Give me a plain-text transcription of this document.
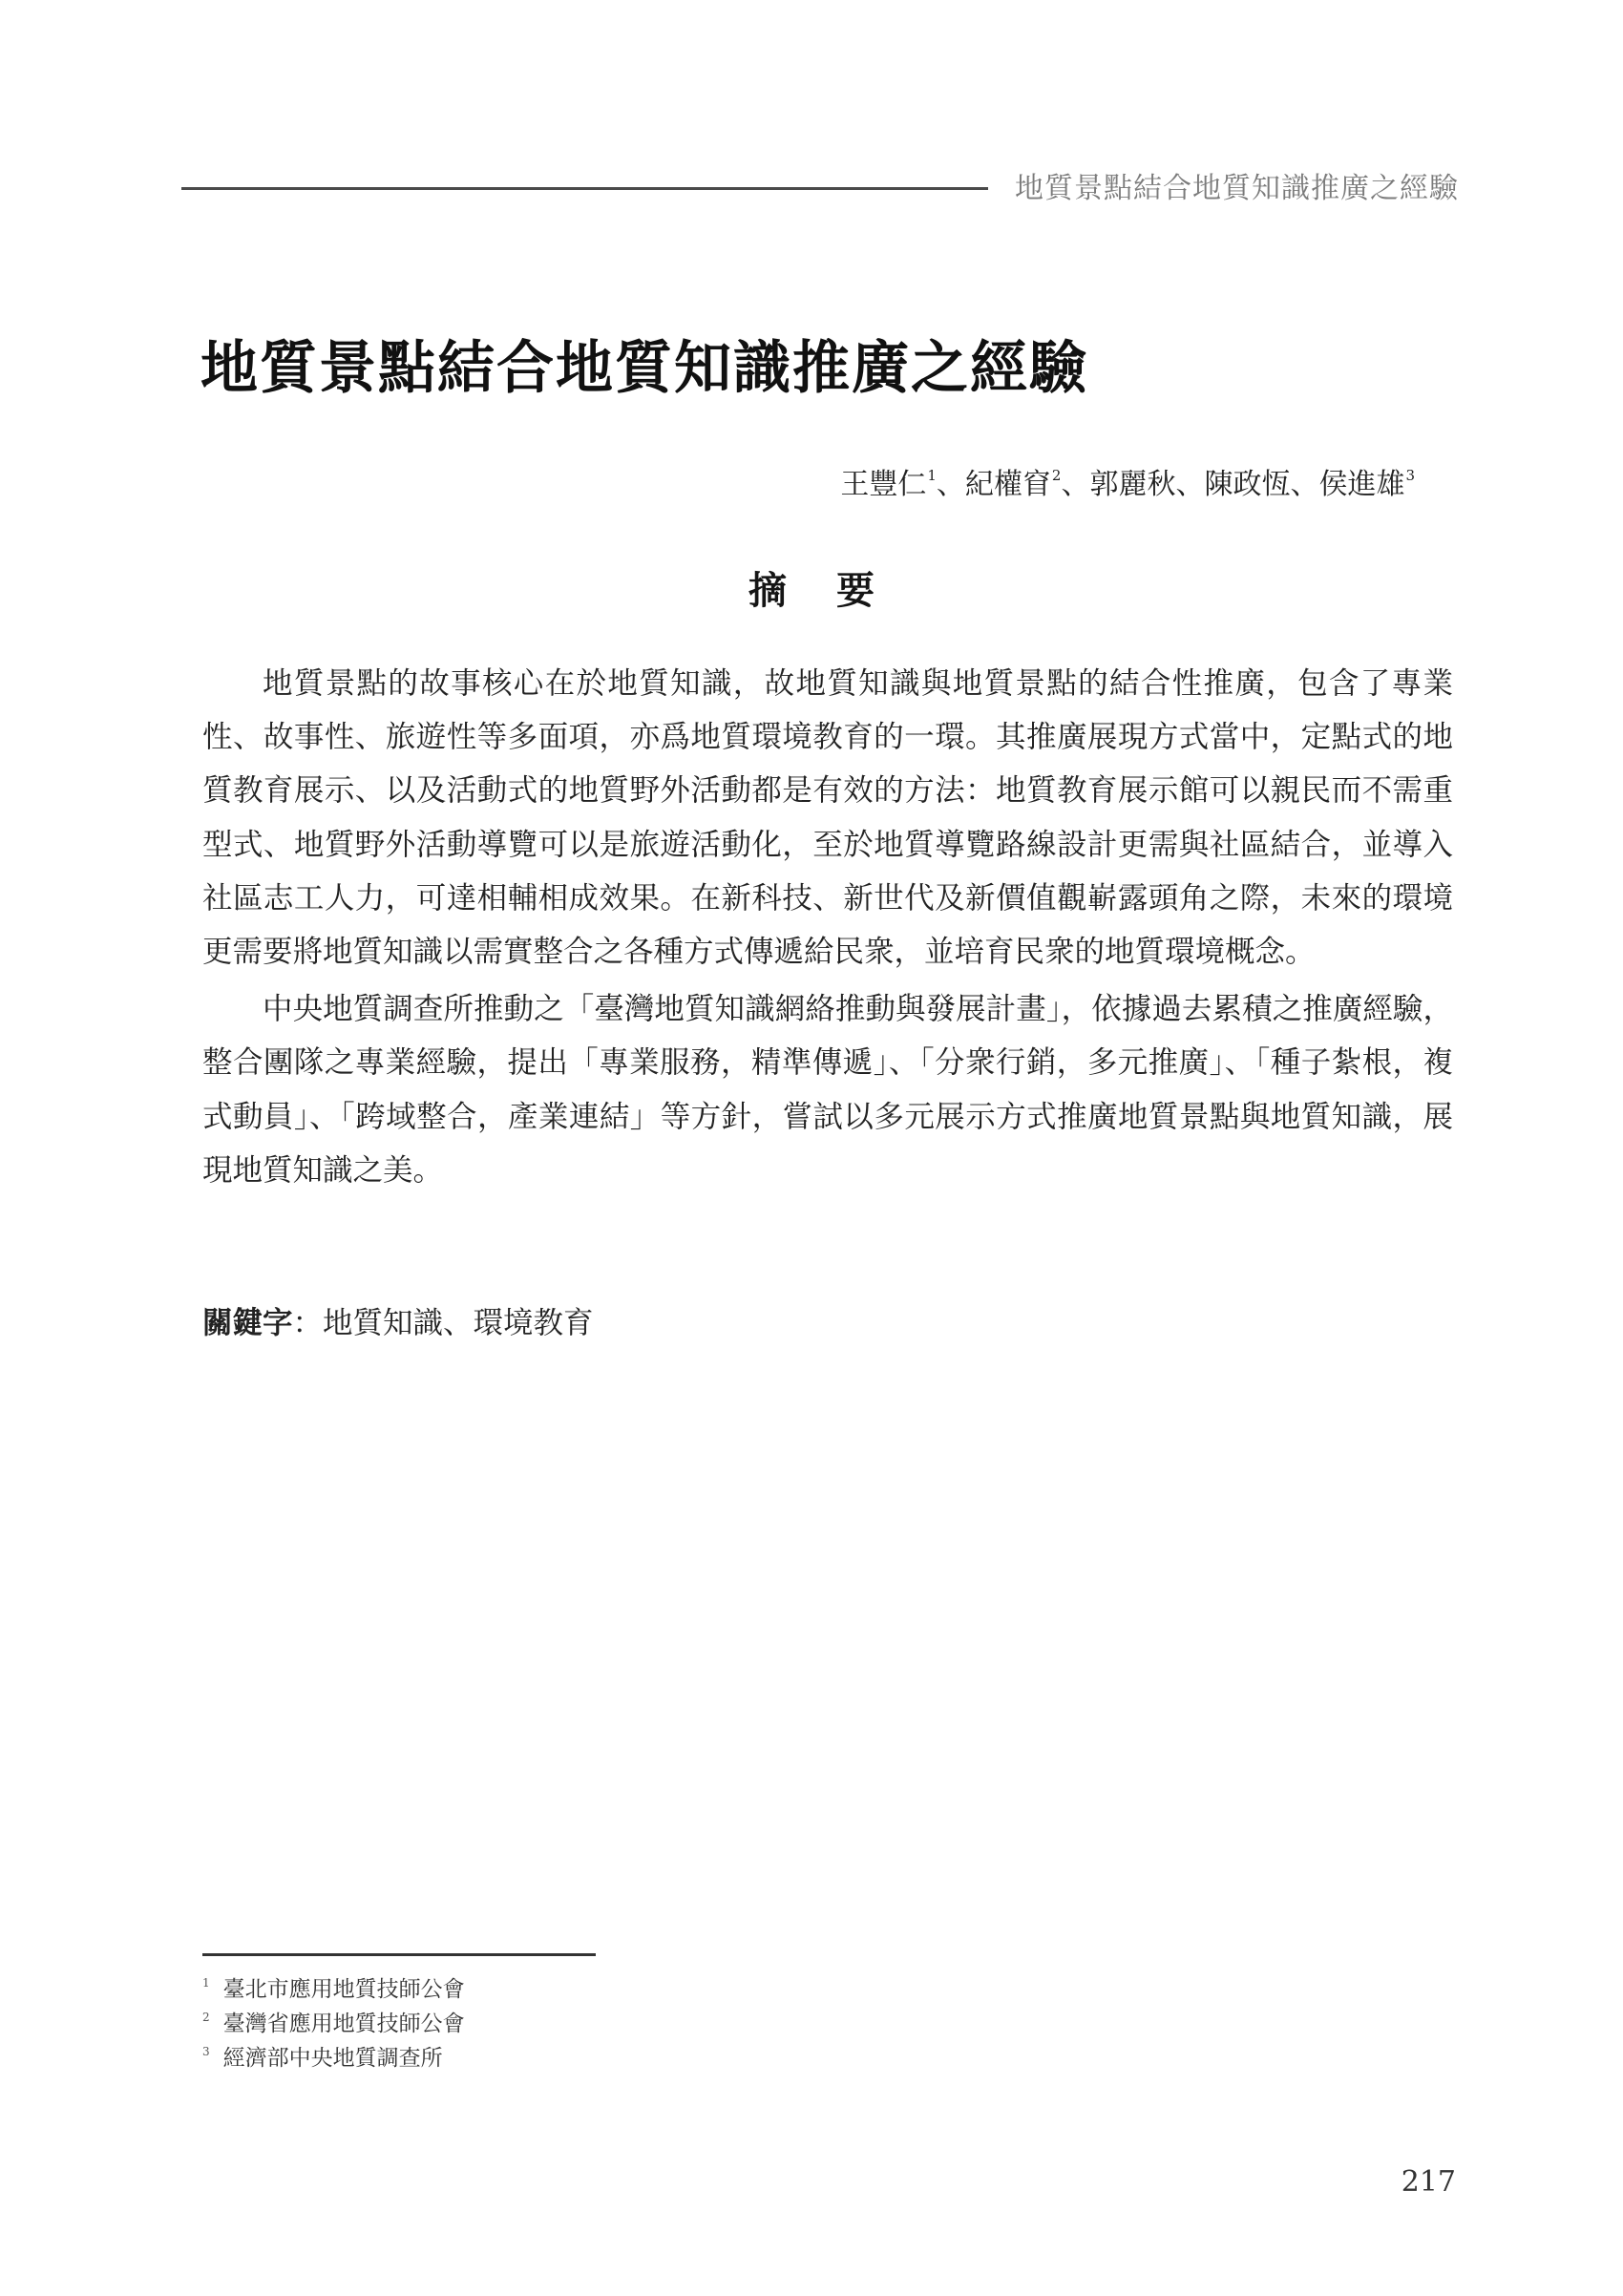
地質景點結合地質知識推廣之經驗
地質景點結合地質知識推廣之經驗
王豐仁$^1$、紀權窅$^2$、郭麗秋、陳政恆、侯進雄$^3$
摘要

地質景點的故事核心在於地質知識，故地質知識與地質景點的結合性推廣，包含了專業性、故事性、旅遊性等多面項，亦爲地質環境教育的一環。其推廣展現方式當中，定點式的地質教育展示、以及活動式的地質野外活動都是有效的方法：地質教育展示館可以親民而不需重型式、地質野外活動導覽可以是旅遊活動化，至於地質導覽路線設計更需與社區結合，並導入社區志工人力，可達相輔相成效果。在新科技、新世代及新價值觀嶄露頭角之際，未來的環境更需要將地質知識以需實整合之各種方式傳遞給民衆，並培育民衆的地質環境概念。

中央地質調查所推動之「臺灣地質知識網絡推動與發展計畫」，依據過去累積之推廣經驗，整合團隊之專業經驗，提出「專業服務，精準傳遞」、「分衆行銷，多元推廣」、「種子紮根，複式動員」、「跨域整合，產業連結」等方針，嘗試以多元展示方式推廣地質景點與地質知識，展現地質知識之美。

關鍵字：地質知識、環境教育
$^1$ 臺北市應用地質技師公會
$^2$ 臺灣省應用地質技師公會
$^3$ 經濟部中央地質調查所
217
